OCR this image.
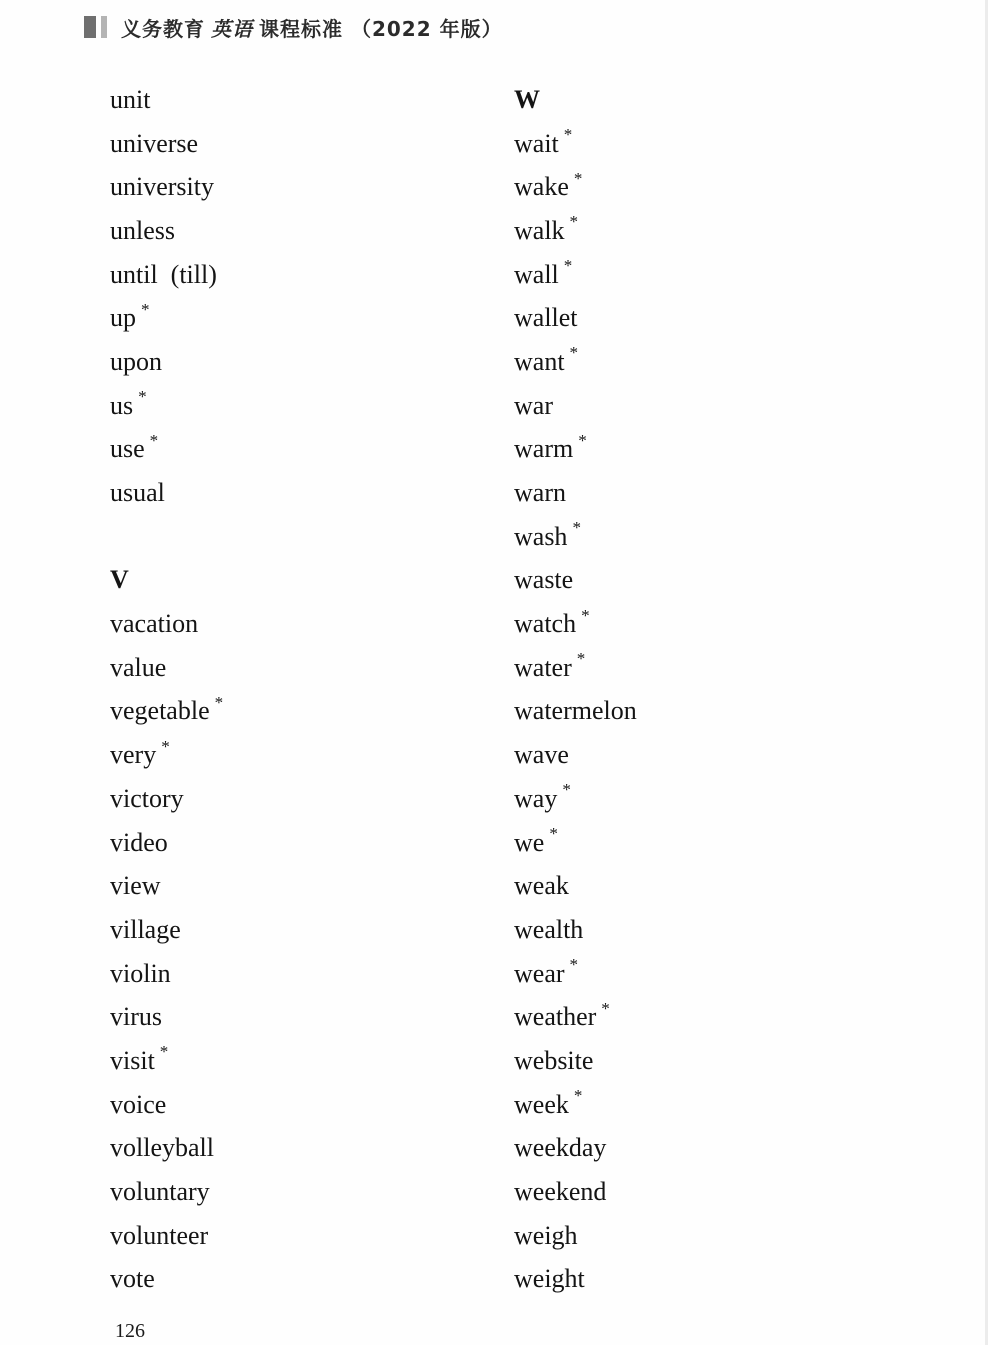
义务教育 英语 课程标准 （2022 年版）
unit
universe
university
unless
until  (till)
up *
upon
us *
use *
usual
V
vacation
value
vegetable *
very *
victory
video
view
village
violin
virus
visit *
voice
volleyball
voluntary
volunteer
vote
W
wait *
wake *
walk *
wall *
wallet
want *
war
warm *
warn
wash *
waste
watch *
water *
watermelon
wave
way *
we *
weak
wealth
wear *
weather *
website
week *
weekday
weekend
weigh
weight
126
